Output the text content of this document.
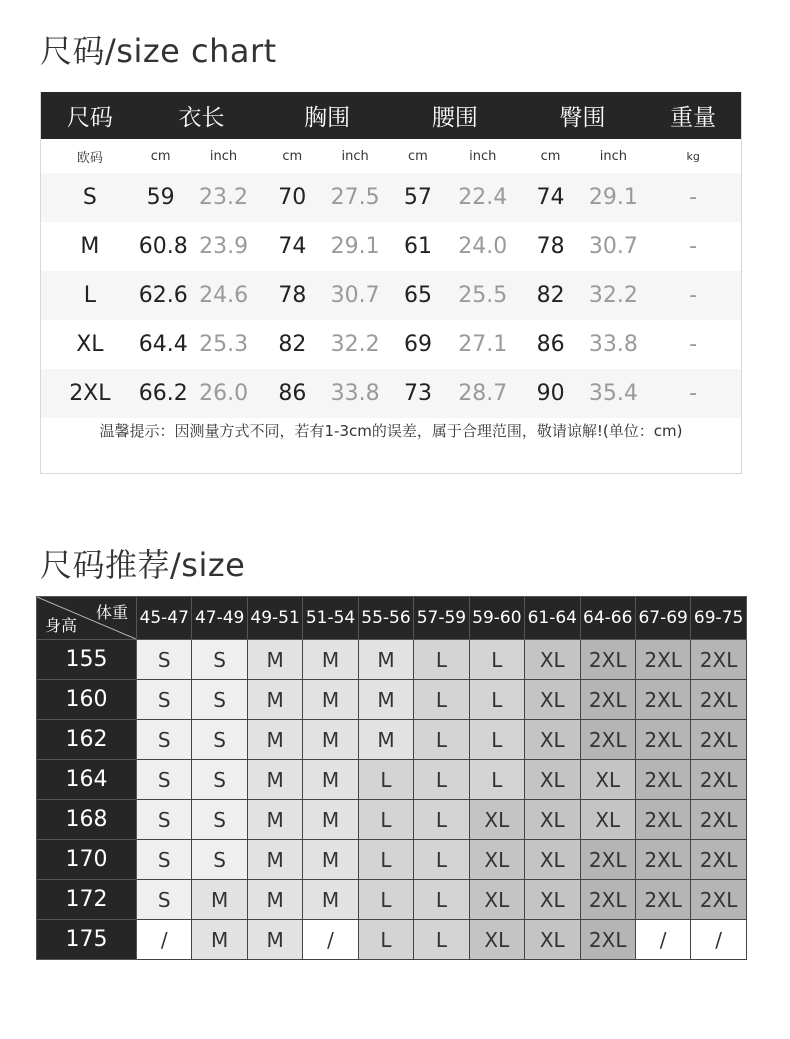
尺码/size chart
尺码	衣长	胸围	腰围	臀围	重量
欧码	cm	inch	cm	inch	cm	inch	cm	inch	kg
S	59	23.2	70	27.5	57	22.4	74	29.1	-
M	60.8 23.9	74	29.1	61	24.0	78	30.7	-
L	62.6 24.6	78	30.7	65	25.5	82	32.2	-
XL	64.4 25.3	82	32.2	69	27.1	86	33.8	-
2XL	66.2 26.0	86	33.8	73	28.7	90	35.4	-
温馨提示：因测量方式不同，若有1-3cm的误差，属于合理范围，敬请谅解!(单位：cm)
尺码推荐/size
体重
身高	45-47	47-49	49-51	51-54	55-56	57-59	59-60	61-64	64-66	67-69	69-75
155	S	S	M	M	M	L	L	XL	2XL	2XL	2XL
160	S	S	M	M	M	L	L	XL	2XL	2XL	2XL
162	S	S	M	M	M	L	L	XL	2XL	2XL	2XL
164	S	S	M	M	L	L	L	XL	XL	2XL	2XL
168	S	S	M	M	L	L	XL	XL	XL	2XL	2XL
170	S	S	M	M	L	L	XL	XL	2XL	2XL	2XL
172	S	M	M	M	L	L	XL	XL	2XL	2XL	2XL
175	/	M	M	/	L	L	XL	XL	2XL	/	/
